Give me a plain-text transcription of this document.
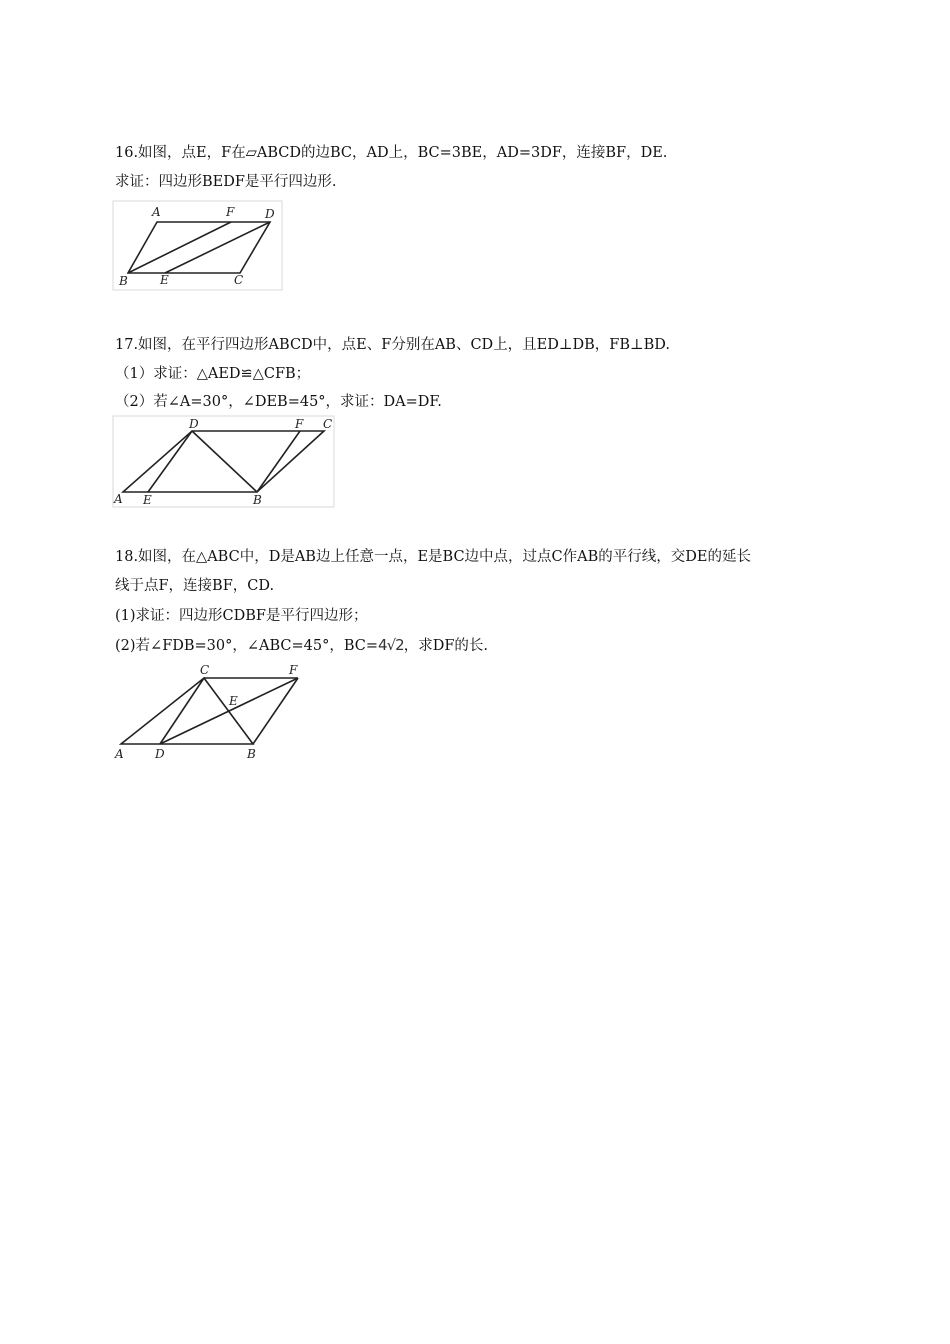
16.如图，点E，F在▱ABCD的边BC，AD上，BC=3BE，AD=3DF，连接BF，DE.
求证：四边形BEDF是平行四边形.
A	F	D
B	E	C
17.如图，在平行四边形ABCD中，点E、F分别在AB、CD上，且ED⊥DB，FB⊥BD.
（1）求证：△AED≌△CFB；
（2）若∠A=30°，∠DEB=45°，求证：DA=DF.
D	F C
A E	B
18.如图，在△ABC中，D是AB边上任意一点，E是BC边中点，过点C作AB的平行线，交DE的延长
线于点F，连接BF，CD.
(1)求证：四边形CDBF是平行四边形；
(2)若∠FDB=30°，∠ABC=45°，BC=4√2，求DF的长.
C	F
E
A	D	B
